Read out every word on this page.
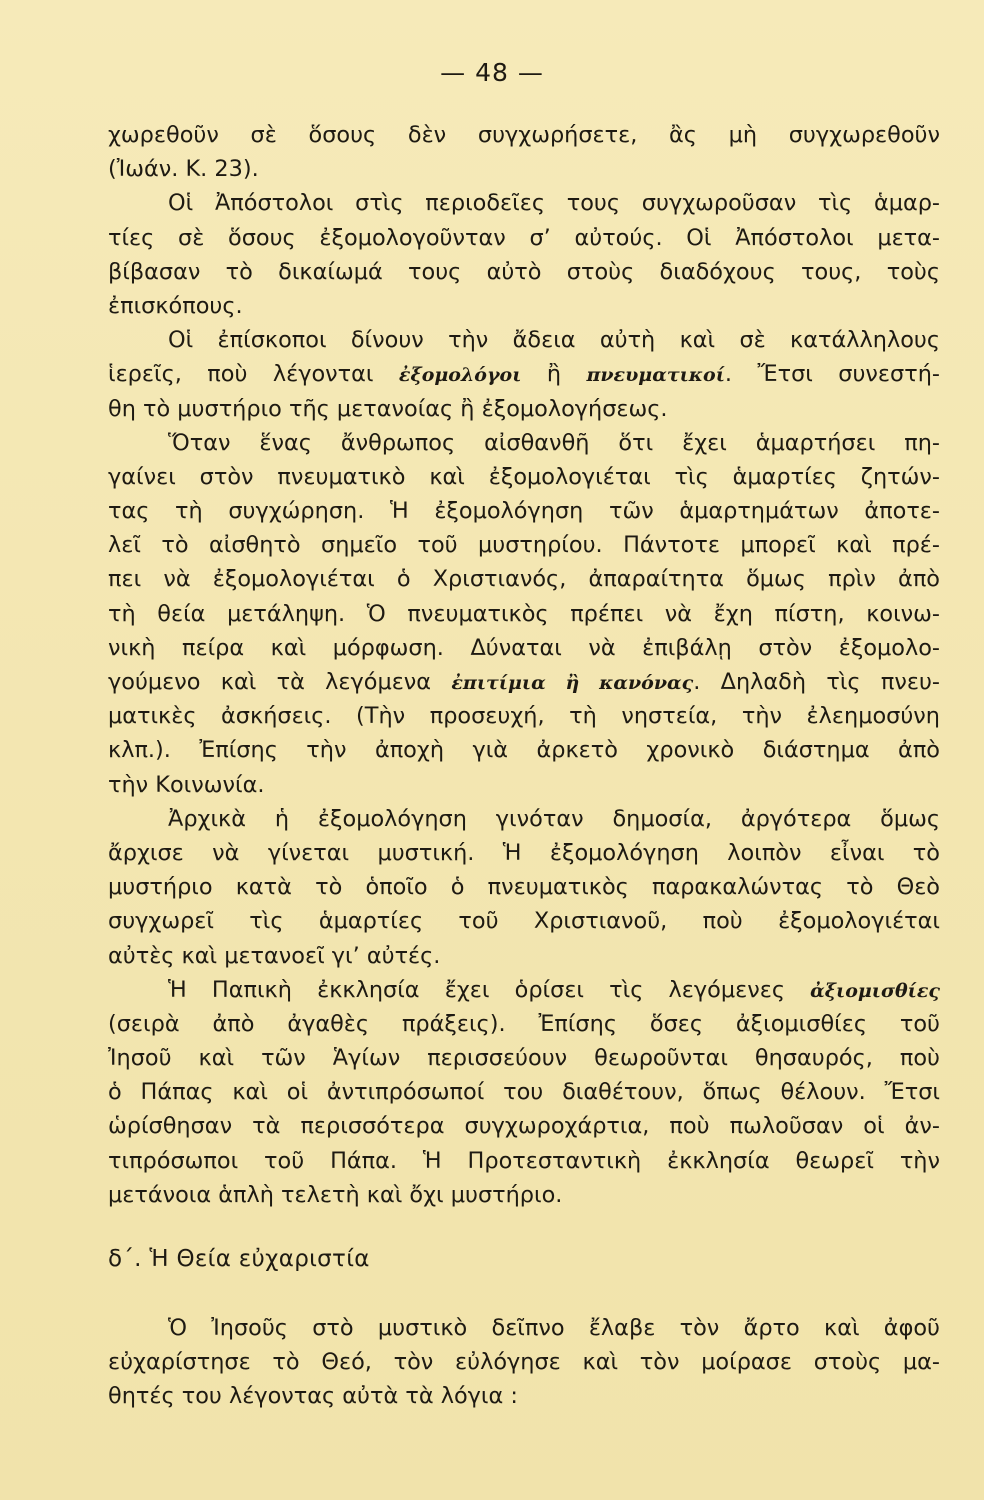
— 48 —
χωρεθοῦν σὲ ὅσους δὲν συγχωρήσετε, ἂς μὴ συγχωρεθοῦν
(Ἰωάν. Κ. 23).
Οἱ Ἀπόστολοι στὶς περιοδεῖες τους συγχωροῦσαν τὶς ἁμαρ-
τίες σὲ ὅσους ἐξομολογοῦνταν σ’ αὐτούς. Οἱ Ἀπόστολοι μετα-
βίβασαν τὸ δικαίωμά τους αὐτὸ στοὺς διαδόχους τους, τοὺς
ἐπισκόπους.
Οἱ ἐπίσκοποι δίνουν τὴν ἄδεια αὐτὴ καὶ σὲ κατάλληλους
ἱερεῖς, ποὺ λέγονται ἐξομολόγοι ἢ πνευματικοί. Ἔτσι συνεστή-
θη τὸ μυστήριο τῆς μετανοίας ἢ ἐξομολογήσεως.
Ὅταν ἕνας ἄνθρωπος αἰσθανθῆ ὅτι ἔχει ἁμαρτήσει πη-
γαίνει στὸν πνευματικὸ καὶ ἐξομολογιέται τὶς ἁμαρτίες ζητών-
τας τὴ συγχώρηση. Ἡ ἐξομολόγηση τῶν ἁμαρτημάτων ἀποτε-
λεῖ τὸ αἰσθητὸ σημεῖο τοῦ μυστηρίου. Πάντοτε μπορεῖ καὶ πρέ-
πει νὰ ἐξομολογιέται ὁ Χριστιανός, ἀπαραίτητα ὅμως πρὶν ἀπὸ
τὴ θεία μετάληψη. Ὁ πνευματικὸς πρέπει νὰ ἔχη πίστη, κοινω-
νικὴ πείρα καὶ μόρφωση. Δύναται νὰ ἐπιβάλῃ στὸν ἐξομολο-
γούμενο καὶ τὰ λεγόμενα ἐπιτίμια ἢ κανόνας. Δηλαδὴ τὶς πνευ-
ματικὲς ἀσκήσεις. (Τὴν προσευχή, τὴ νηστεία, τὴν ἐλεημοσύνη
κλπ.). Ἐπίσης τὴν ἀποχὴ γιὰ ἀρκετὸ χρονικὸ διάστημα ἀπὸ
τὴν Κοινωνία.
Ἀρχικὰ ἡ ἐξομολόγηση γινόταν δημοσία, ἀργότερα ὅμως
ἄρχισε νὰ γίνεται μυστική. Ἡ ἐξομολόγηση λοιπὸν εἶναι τὸ
μυστήριο κατὰ τὸ ὁποῖο ὁ πνευματικὸς παρακαλώντας τὸ Θεὸ
συγχωρεῖ τὶς ἁμαρτίες τοῦ Χριστιανοῦ, ποὺ ἐξομολογιέται
αὐτὲς καὶ μετανοεῖ γι’ αὐτές.
Ἡ Παπικὴ ἐκκλησία ἔχει ὁρίσει τὶς λεγόμενες ἀξιομισθίες
(σειρὰ ἀπὸ ἀγαθὲς πράξεις). Ἐπίσης ὅσες ἀξιομισθίες τοῦ
Ἰησοῦ καὶ τῶν Ἁγίων περισσεύουν θεωροῦνται θησαυρός, ποὺ
ὁ Πάπας καὶ οἱ ἀντιπρόσωποί του διαθέτουν, ὅπως θέλουν. Ἔτσι
ὡρίσθησαν τὰ περισσότερα συγχωροχάρτια, ποὺ πωλοῦσαν οἱ ἀν-
τιπρόσωποι τοῦ Πάπα. Ἡ Προτεσταντικὴ ἐκκλησία θεωρεῖ τὴν
μετάνοια ἁπλὴ τελετὴ καὶ ὄχι μυστήριο.
δ΄. Ἡ Θεία εὐχαριστία
Ὁ Ἰησοῦς στὸ μυστικὸ δεῖπνο ἔλαβε τὸν ἄρτο καὶ ἀφοῦ
εὐχαρίστησε τὸ Θεό, τὸν εὐλόγησε καὶ τὸν μοίρασε στοὺς μα-
θητές του λέγοντας αὐτὰ τὰ λόγια :
